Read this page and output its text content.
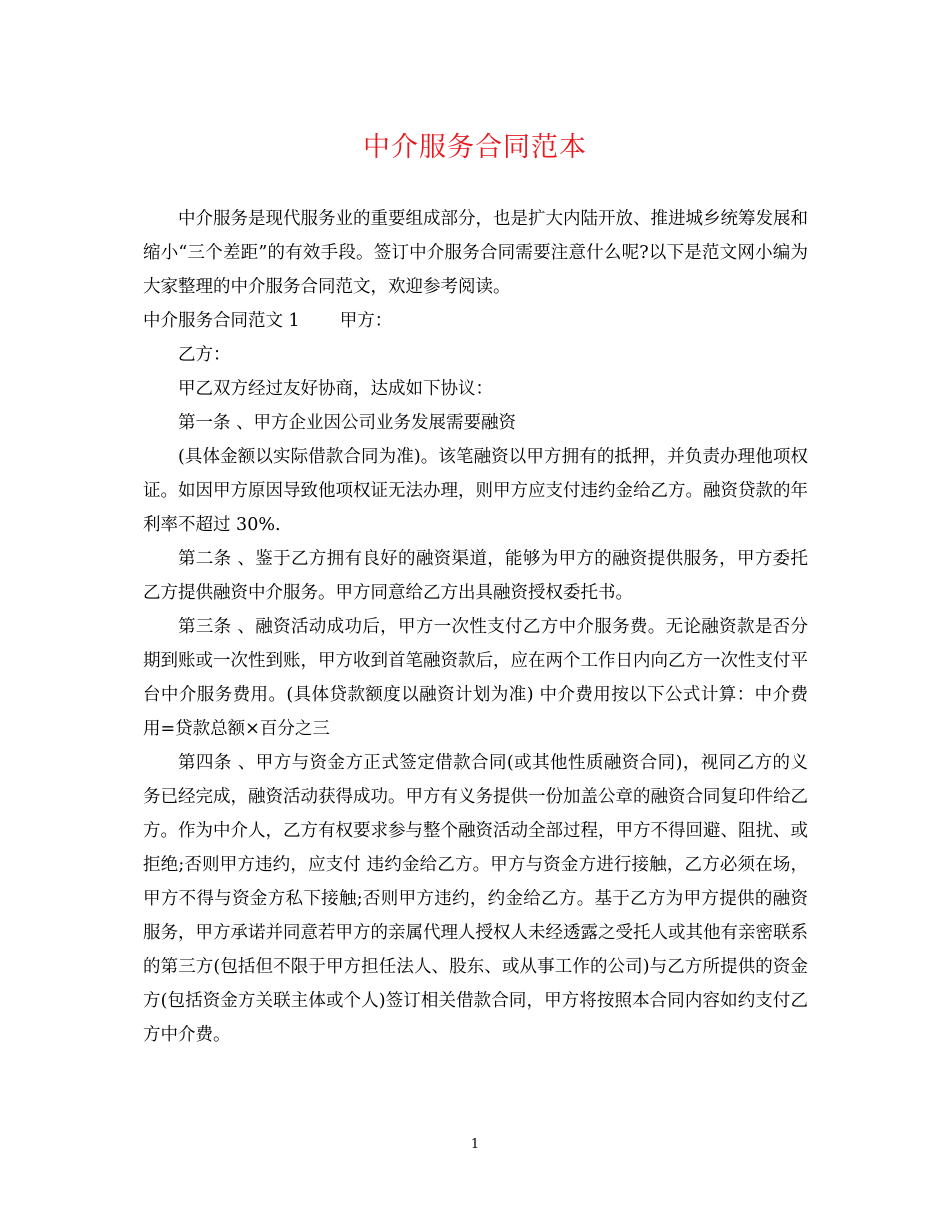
中介服务合同范本

中介服务是现代服务业的重要组成部分，也是扩大内陆开放、推进城乡统筹发展和缩小“三个差距”的有效手段。签订中介服务合同需要注意什么呢?以下是范文网小编为大家整理的中介服务合同范文，欢迎参考阅读。

中介服务合同范文 1 甲方：

乙方：

甲乙双方经过友好协商，达成如下协议：

第一条 、甲方企业因公司业务发展需要融资

(具体金额以实际借款合同为准)。该笔融资以甲方拥有的抵押，并负责办理他项权证。如因甲方原因导致他项权证无法办理，则甲方应支付违约金给乙方。融资贷款的年利率不超过 30%.

第二条 、鉴于乙方拥有良好的融资渠道，能够为甲方的融资提供服务，甲方委托乙方提供融资中介服务。甲方同意给乙方出具融资授权委托书。

第三条 、融资活动成功后，甲方一次性支付乙方中介服务费。无论融资款是否分期到账或一次性到账，甲方收到首笔融资款后，应在两个工作日内向乙方一次性支付平台中介服务费用。(具体贷款额度以融资计划为准) 中介费用按以下公式计算：中介费用=贷款总额×百分之三

第四条 、甲方与资金方正式签定借款合同(或其他性质融资合同)，视同乙方的义务已经完成，融资活动获得成功。甲方有义务提供一份加盖公章的融资合同复印件给乙方。作为中介人，乙方有权要求参与整个融资活动全部过程，甲方不得回避、阻扰、或拒绝;否则甲方违约，应支付 违约金给乙方。甲方与资金方进行接触，乙方必须在场，甲方不得与资金方私下接触;否则甲方违约，约金给乙方。基于乙方为甲方提供的融资服务，甲方承诺并同意若甲方的亲属代理人授权人未经透露之受托人或其他有亲密联系的第三方(包括但不限于甲方担任法人、股东、或从事工作的公司)与乙方所提供的资金方(包括资金方关联主体或个人)签订相关借款合同，甲方将按照本合同内容如约支付乙方中介费。

1
